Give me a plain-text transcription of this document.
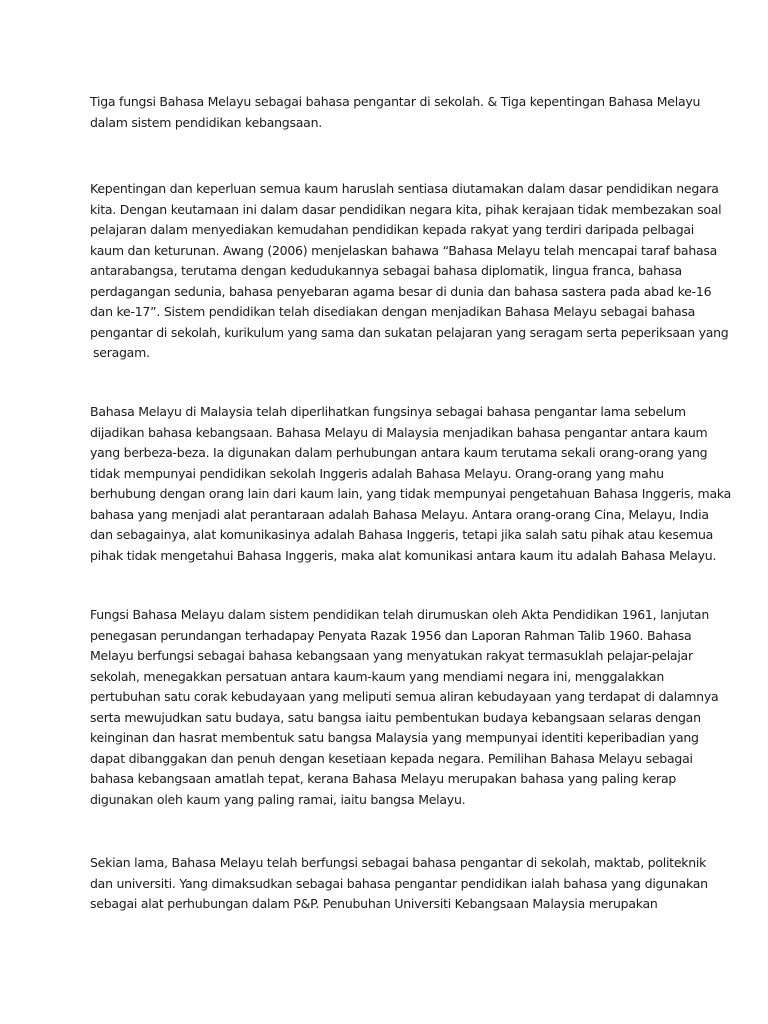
Tiga fungsi Bahasa Melayu sebagai bahasa pengantar di sekolah. & Tiga kepentingan Bahasa Melayu
dalam sistem pendidikan kebangsaan.

Kepentingan dan keperluan semua kaum haruslah sentiasa diutamakan dalam dasar pendidikan negara
kita. Dengan keutamaan ini dalam dasar pendidikan negara kita, pihak kerajaan tidak membezakan soal
pelajaran dalam menyediakan kemudahan pendidikan kepada rakyat yang terdiri daripada pelbagai
kaum dan keturunan. Awang (2006) menjelaskan bahawa “Bahasa Melayu telah mencapai taraf bahasa
antarabangsa, terutama dengan kedudukannya sebagai bahasa diplomatik, lingua franca, bahasa
perdagangan sedunia, bahasa penyebaran agama besar di dunia dan bahasa sastera pada abad ke-16
dan ke-17”. Sistem pendidikan telah disediakan dengan menjadikan Bahasa Melayu sebagai bahasa
pengantar di sekolah, kurikulum yang sama dan sukatan pelajaran yang seragam serta peperiksaan yang
seragam.

Bahasa Melayu di Malaysia telah diperlihatkan fungsinya sebagai bahasa pengantar lama sebelum
dijadikan bahasa kebangsaan. Bahasa Melayu di Malaysia menjadikan bahasa pengantar antara kaum
yang berbeza-beza. Ia digunakan dalam perhubungan antara kaum terutama sekali orang-orang yang
tidak mempunyai pendidikan sekolah Inggeris adalah Bahasa Melayu. Orang-orang yang mahu
berhubung dengan orang lain dari kaum lain, yang tidak mempunyai pengetahuan Bahasa Inggeris, maka
bahasa yang menjadi alat perantaraan adalah Bahasa Melayu. Antara orang-orang Cina, Melayu, India
dan sebagainya, alat komunikasinya adalah Bahasa Inggeris, tetapi jika salah satu pihak atau kesemua
pihak tidak mengetahui Bahasa Inggeris, maka alat komunikasi antara kaum itu adalah Bahasa Melayu.

Fungsi Bahasa Melayu dalam sistem pendidikan telah dirumuskan oleh Akta Pendidikan 1961, lanjutan
penegasan perundangan terhadapay Penyata Razak 1956 dan Laporan Rahman Talib 1960. Bahasa
Melayu berfungsi sebagai bahasa kebangsaan yang menyatukan rakyat termasuklah pelajar-pelajar
sekolah, menegakkan persatuan antara kaum-kaum yang mendiami negara ini, menggalakkan
pertubuhan satu corak kebudayaan yang meliputi semua aliran kebudayaan yang terdapat di dalamnya
serta mewujudkan satu budaya, satu bangsa iaitu pembentukan budaya kebangsaan selaras dengan
keinginan dan hasrat membentuk satu bangsa Malaysia yang mempunyai identiti keperibadian yang
dapat dibanggakan dan penuh dengan kesetiaan kepada negara. Pemilihan Bahasa Melayu sebagai
bahasa kebangsaan amatlah tepat, kerana Bahasa Melayu merupakan bahasa yang paling kerap
digunakan oleh kaum yang paling ramai, iaitu bangsa Melayu.

Sekian lama, Bahasa Melayu telah berfungsi sebagai bahasa pengantar di sekolah, maktab, politeknik
dan universiti. Yang dimaksudkan sebagai bahasa pengantar pendidikan ialah bahasa yang digunakan
sebagai alat perhubungan dalam P&P. Penubuhan Universiti Kebangsaan Malaysia merupakan
